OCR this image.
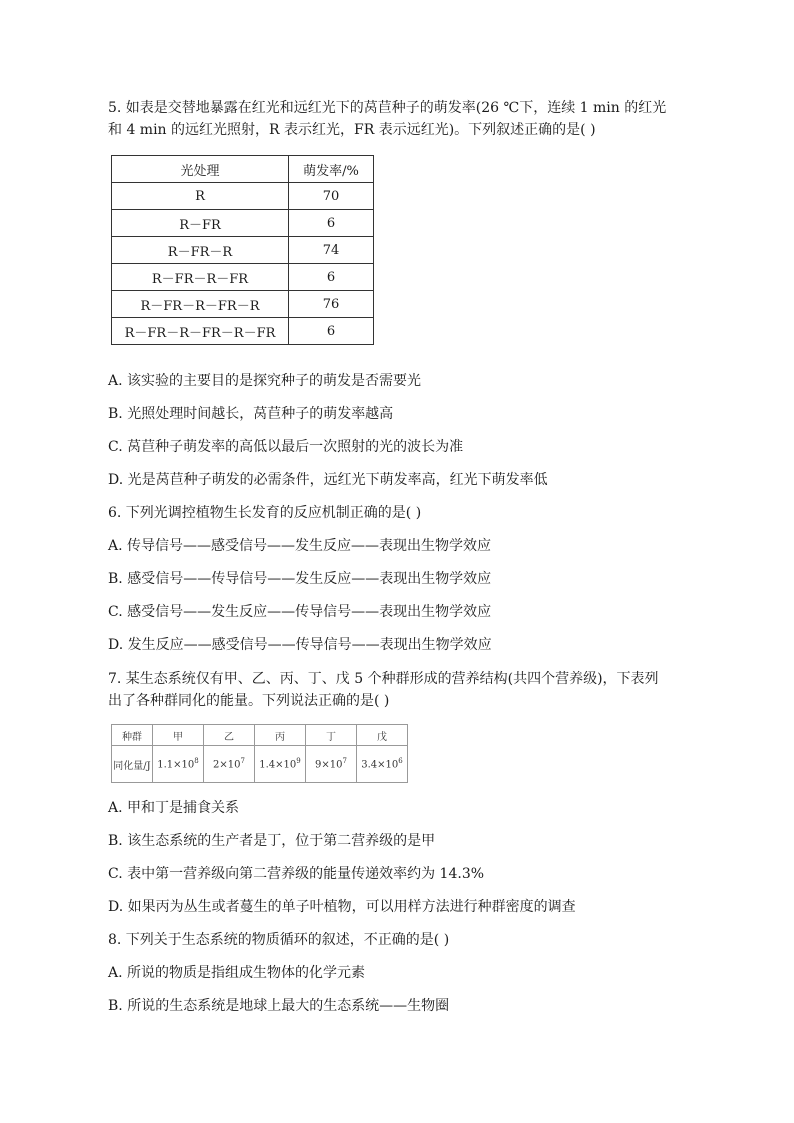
5. 如表是交替地暴露在红光和远红光下的莴苣种子的萌发率(26 ℃下，连续 1 min 的红光
和 4 min 的远红光照射，R 表示红光，FR 表示远红光)。下列叙述正确的是( )
光处理	萌发率/%
R	70
R－FR	6
R－FR－R	74
R－FR－R－FR	6
R－FR－R－FR－R	76
R－FR－R－FR－R－FR	6
A. 该实验的主要目的是探究种子的萌发是否需要光
B. 光照处理时间越长，莴苣种子的萌发率越高
C. 莴苣种子萌发率的高低以最后一次照射的光的波长为准
D. 光是莴苣种子萌发的必需条件，远红光下萌发率高，红光下萌发率低
6. 下列光调控植物生长发育的反应机制正确的是( )
A. 传导信号——感受信号——发生反应——表现出生物学效应
B. 感受信号——传导信号——发生反应——表现出生物学效应
C. 感受信号——发生反应——传导信号——表现出生物学效应
D. 发生反应——感受信号——传导信号——表现出生物学效应
7. 某生态系统仅有甲、乙、丙、丁、戊 5 个种群形成的营养结构(共四个营养级)，下表列
出了各种群同化的能量。下列说法正确的是( )
种群	甲	乙	丙	丁	戊
同化量/J	$1.1\times 10^8$	$2\times 10^7$	$1.4\times 10^9$	$9\times 10^7$	$3.4\times 10^6$
A. 甲和丁是捕食关系
B. 该生态系统的生产者是丁，位于第二营养级的是甲
C. 表中第一营养级向第二营养级的能量传递效率约为 14.3%
D. 如果丙为丛生或者蔓生的单子叶植物，可以用样方法进行种群密度的调查
8. 下列关于生态系统的物质循环的叙述，不正确的是( )
A. 所说的物质是指组成生物体的化学元素
B. 所说的生态系统是地球上最大的生态系统——生物圈
